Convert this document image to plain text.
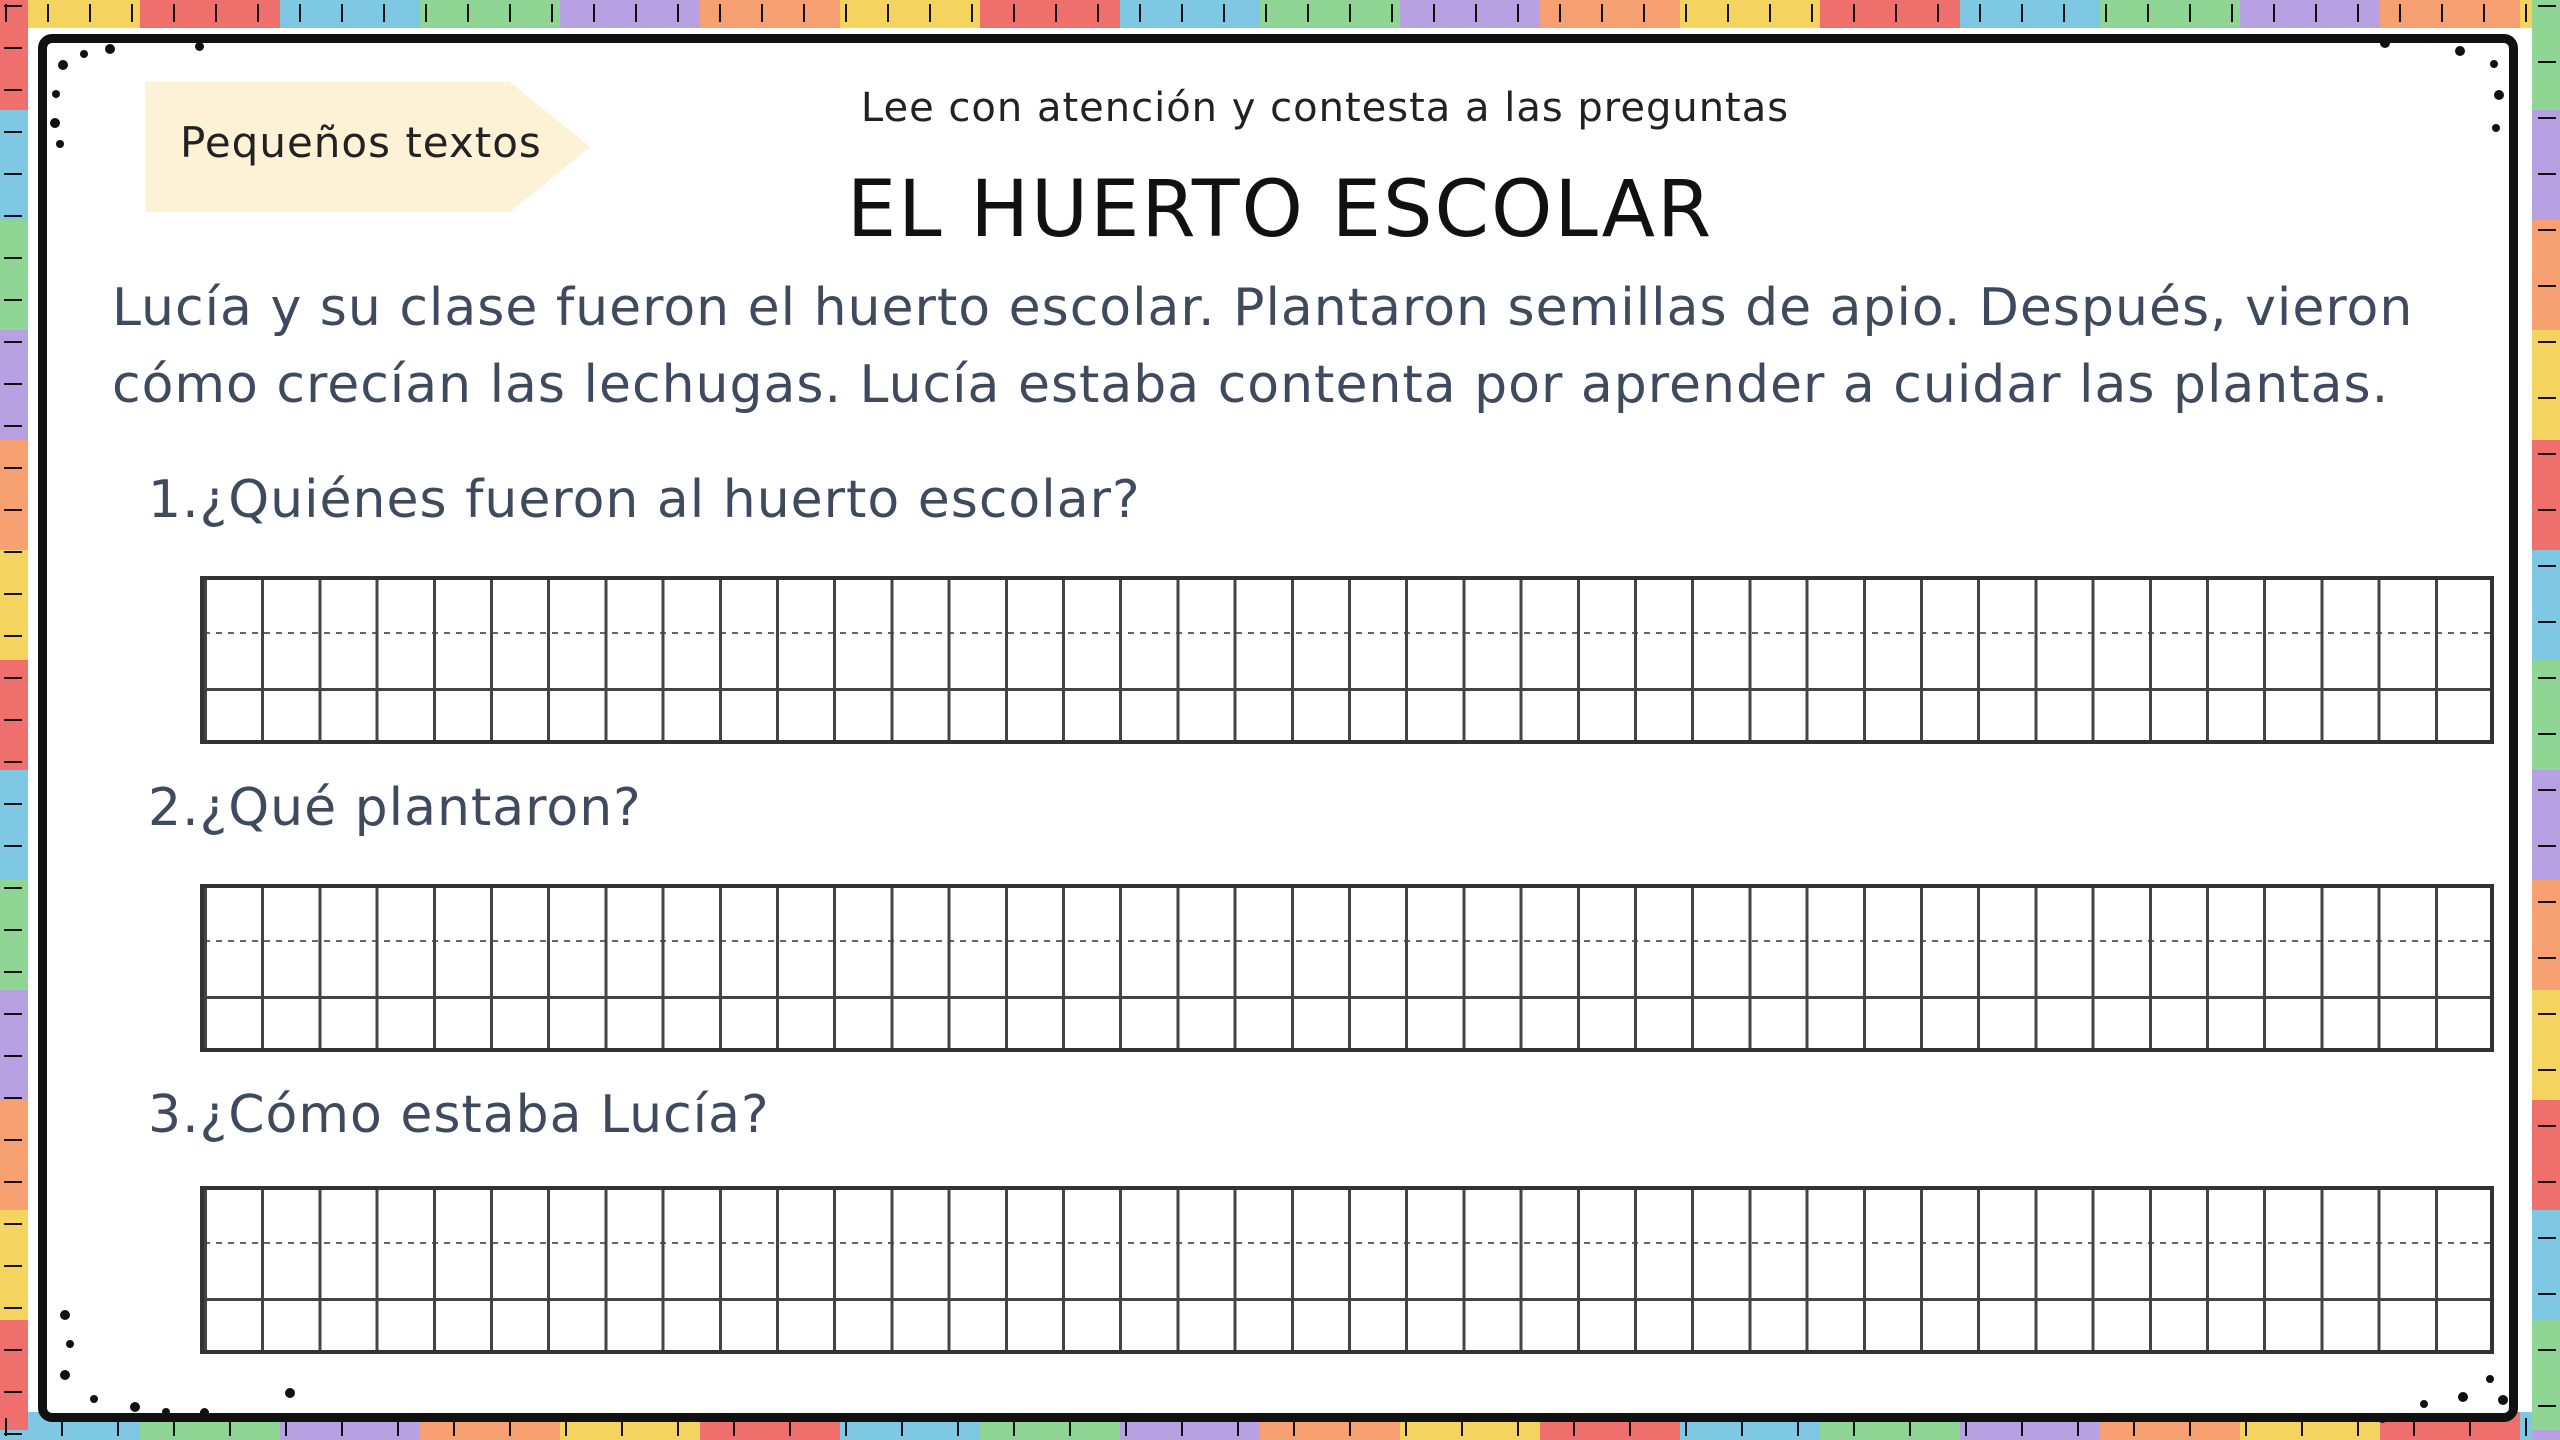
Pequeños textos
Lee con atención y contesta a las preguntas
EL HUERTO ESCOLAR
Lucía y su clase fueron el huerto escolar. Plantaron semillas de apio. Después, vieron cómo crecían las lechugas. Lucía estaba contenta por aprender a cuidar las plantas.
1.¿Quiénes fueron al huerto escolar?
2.¿Qué plantaron?
3.¿Cómo estaba Lucía?
